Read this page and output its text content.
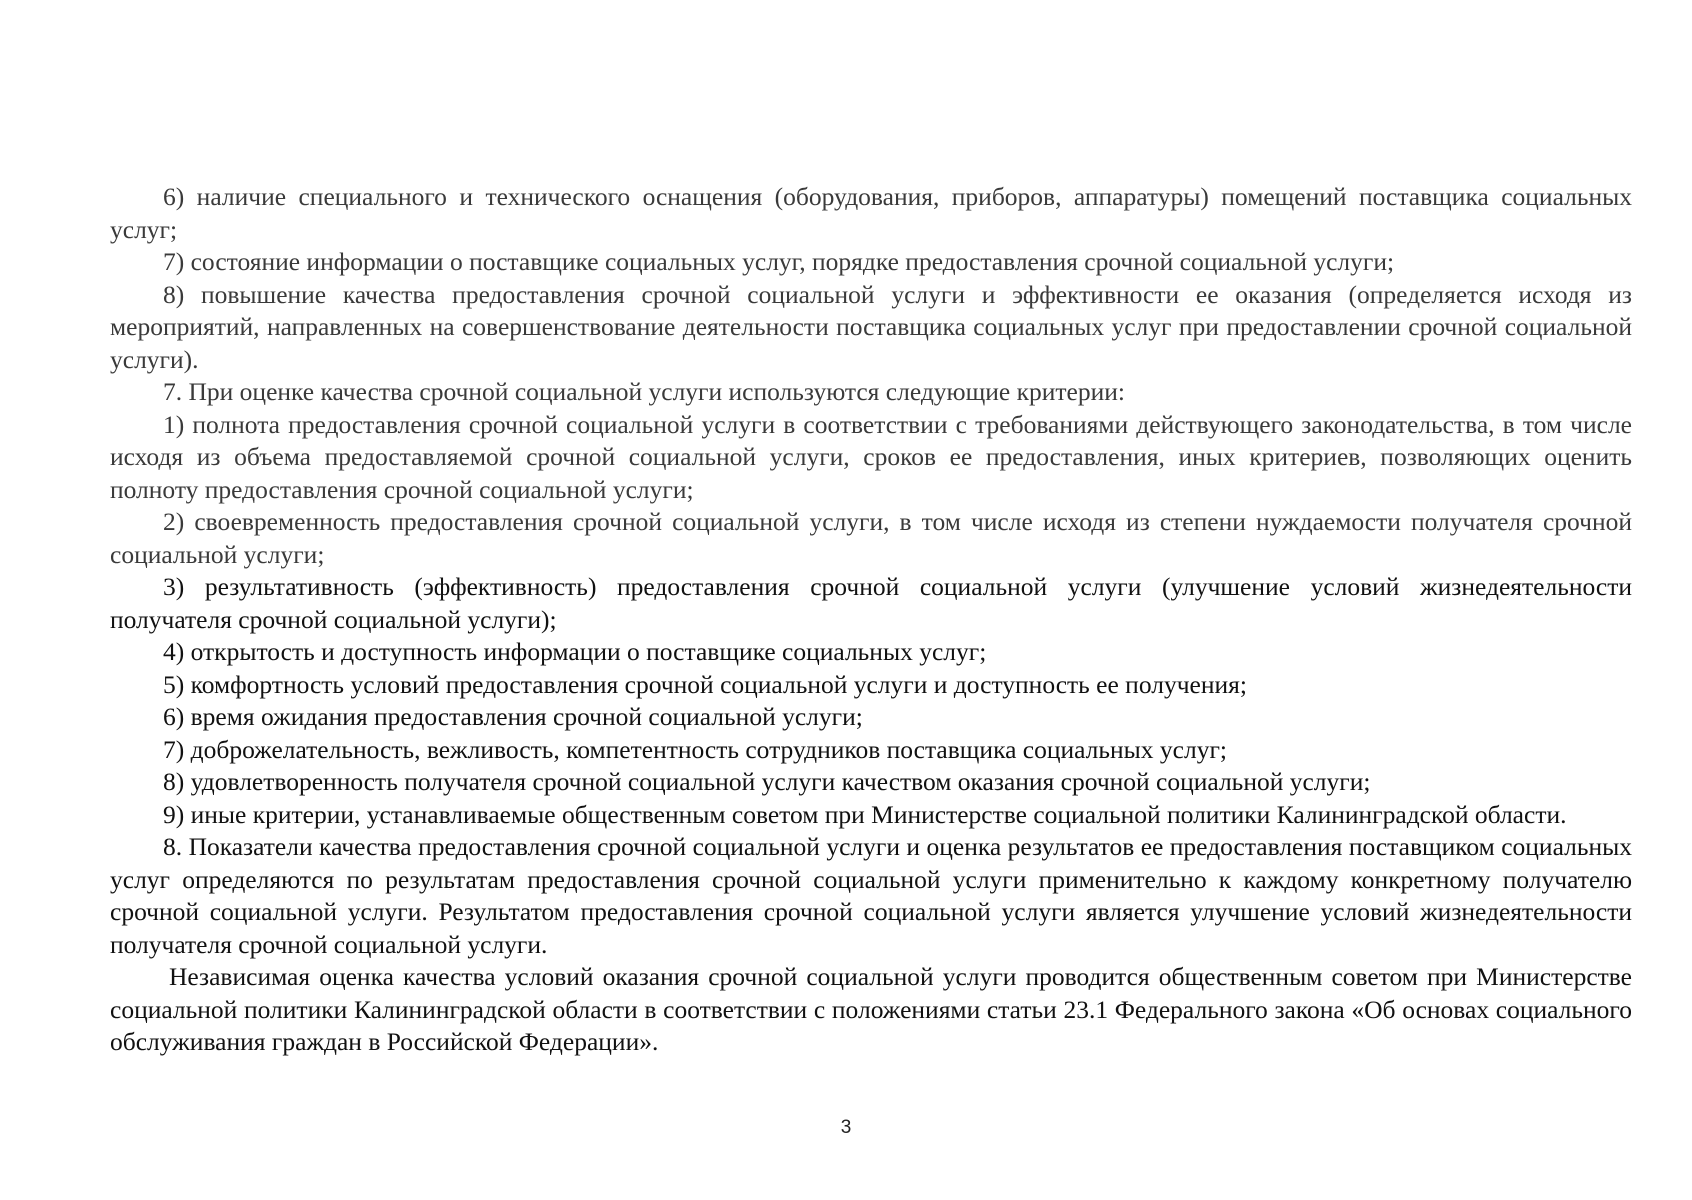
6) наличие специального и технического оснащения (оборудования, приборов, аппаратуры) помещений поставщика социальных услуг;

7) состояние информации о поставщике социальных услуг, порядке предоставления срочной социальной услуги;

8) повышение качества предоставления срочной социальной услуги и эффективности ее оказания (определяется исходя из мероприятий, направленных на совершенствование деятельности поставщика социальных услуг при предоставлении срочной социальной услуги).

7. При оценке качества срочной социальной услуги используются следующие критерии:

1) полнота предоставления срочной социальной услуги в соответствии с требованиями действующего законодательства, в том числе исходя из объема предоставляемой срочной социальной услуги, сроков ее предоставления, иных критериев, позволяющих оценить полноту предоставления срочной социальной услуги;

2) своевременность предоставления срочной социальной услуги, в том числе исходя из степени нуждаемости получателя срочной социальной услуги;

3) результативность (эффективность) предоставления срочной социальной услуги (улучшение условий жизнедеятельности получателя срочной социальной услуги);

4) открытость и доступность информации о поставщике социальных услуг;

5) комфортность условий предоставления срочной социальной услуги и доступность ее получения;

6) время ожидания предоставления срочной социальной услуги;

7) доброжелательность, вежливость, компетентность сотрудников поставщика социальных услуг;

8) удовлетворенность получателя срочной социальной услуги качеством оказания срочной социальной услуги;

9) иные критерии, устанавливаемые общественным советом при Министерстве социальной политики Калининградской области.

8. Показатели качества предоставления срочной социальной услуги и оценка результатов ее предоставления поставщиком социальных услуг определяются по результатам предоставления срочной социальной услуги применительно к каждому конкретному получателю срочной социальной услуги. Результатом предоставления срочной социальной услуги является улучшение условий жизнедеятельности получателя срочной социальной услуги.

Независимая оценка качества условий оказания срочной социальной услуги проводится общественным советом при Министерстве социальной политики Калининградской области в соответствии с положениями статьи 23.1 Федерального закона «Об основах социального обслуживания граждан в Российской Федерации».

3
